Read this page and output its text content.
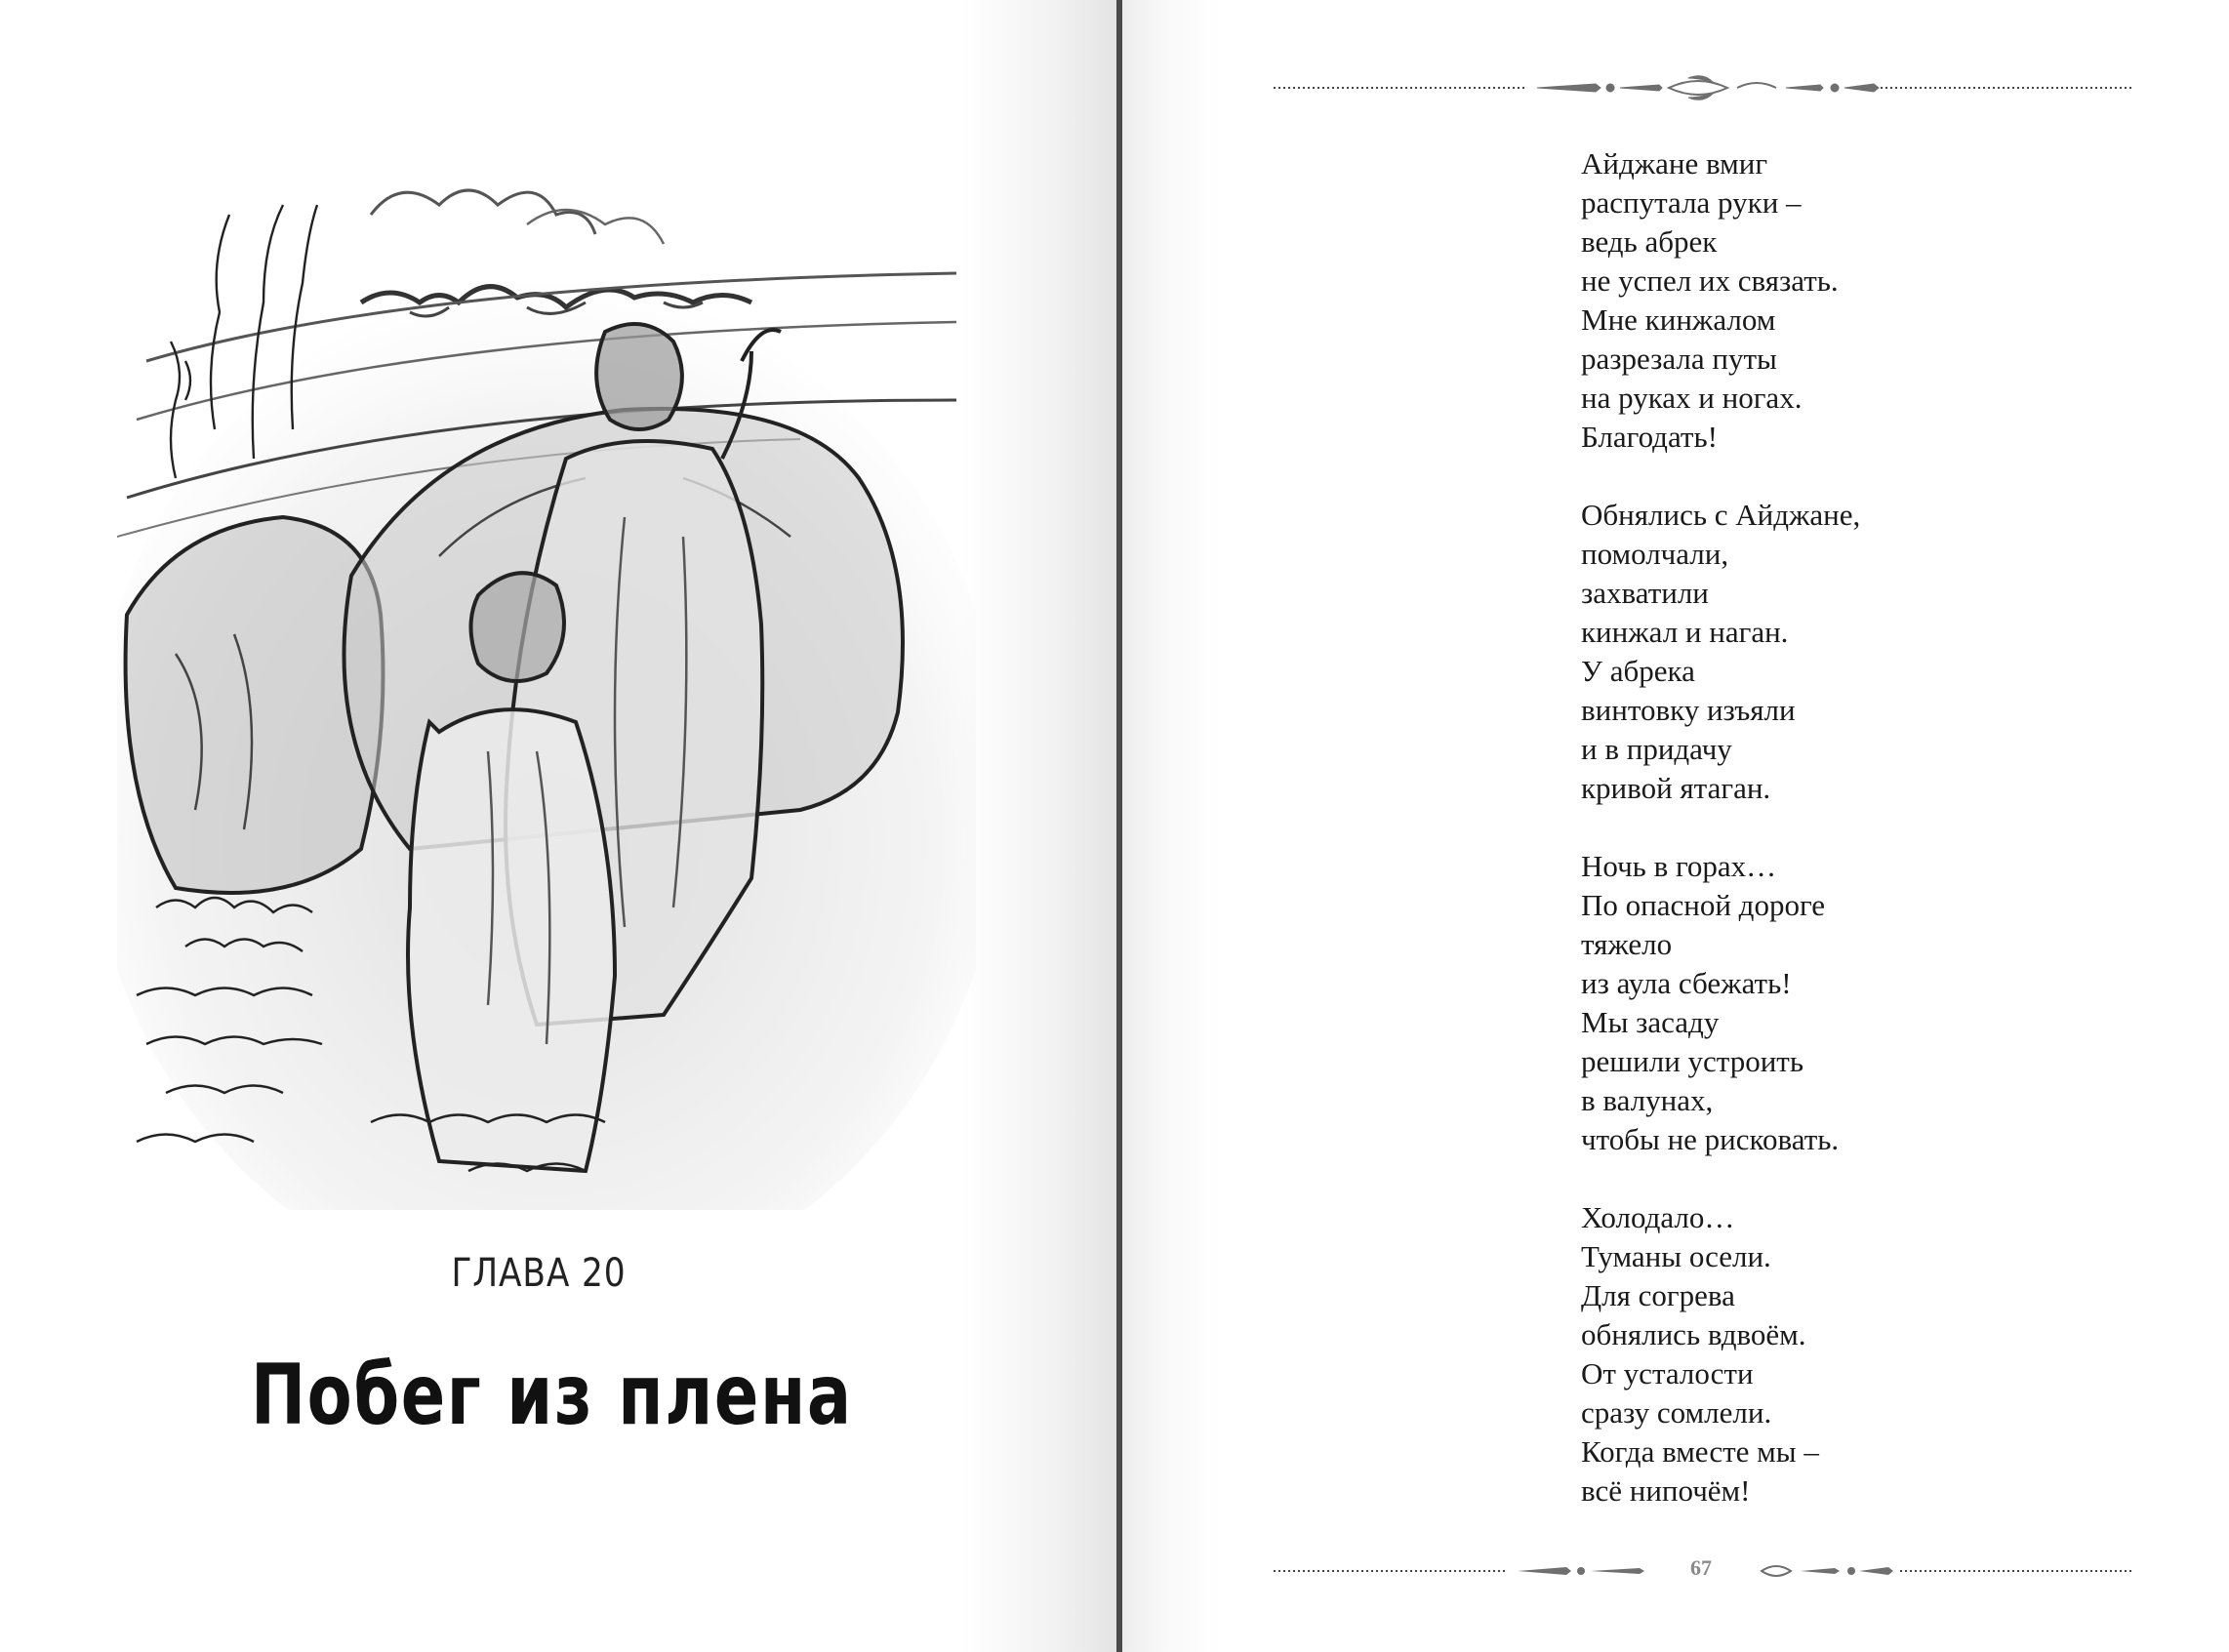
ГЛАВА 20
Побег из плена
Айджане вмиг
распутала руки –
ведь абрек
не успел их связать.
Мне кинжалом
разрезала путы
на руках и ногах.
Благодать!
Обнялись с Айджане,
помолчали,
захватили
кинжал и наган.
У абрека
винтовку изъяли
и в придачу
кривой ятаган.
Ночь в горах…
По опасной дороге
тяжело
из аула сбежать!
Мы засаду
решили устроить
в валунах,
чтобы не рисковать.
Холодало…
Туманы осели.
Для согрева
обнялись вдвоём.
От усталости
сразу сомлели.
Когда вместе мы –
всё нипочём!
67
